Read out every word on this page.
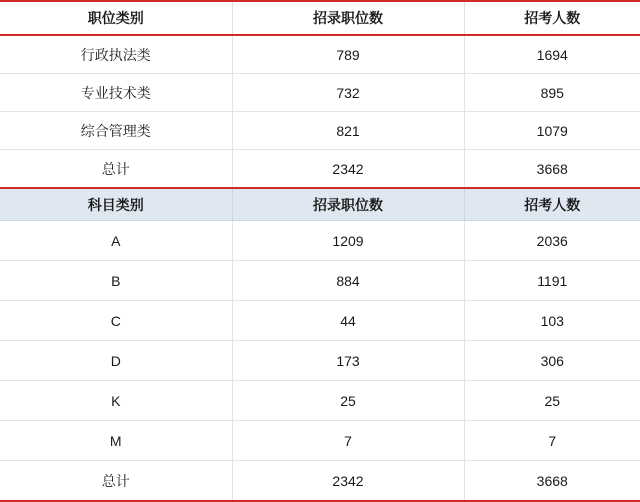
职位类别	招录职位数	招考人数
行政执法类	789	1694
专业技术类	732	895
综合管理类	821	1079
总计	2342	3668
科目类别	招录职位数	招考人数
A	1209	2036
B	884	1191
C	44	103
D	173	306
K	25	25
M	7	7
总计	2342	3668
